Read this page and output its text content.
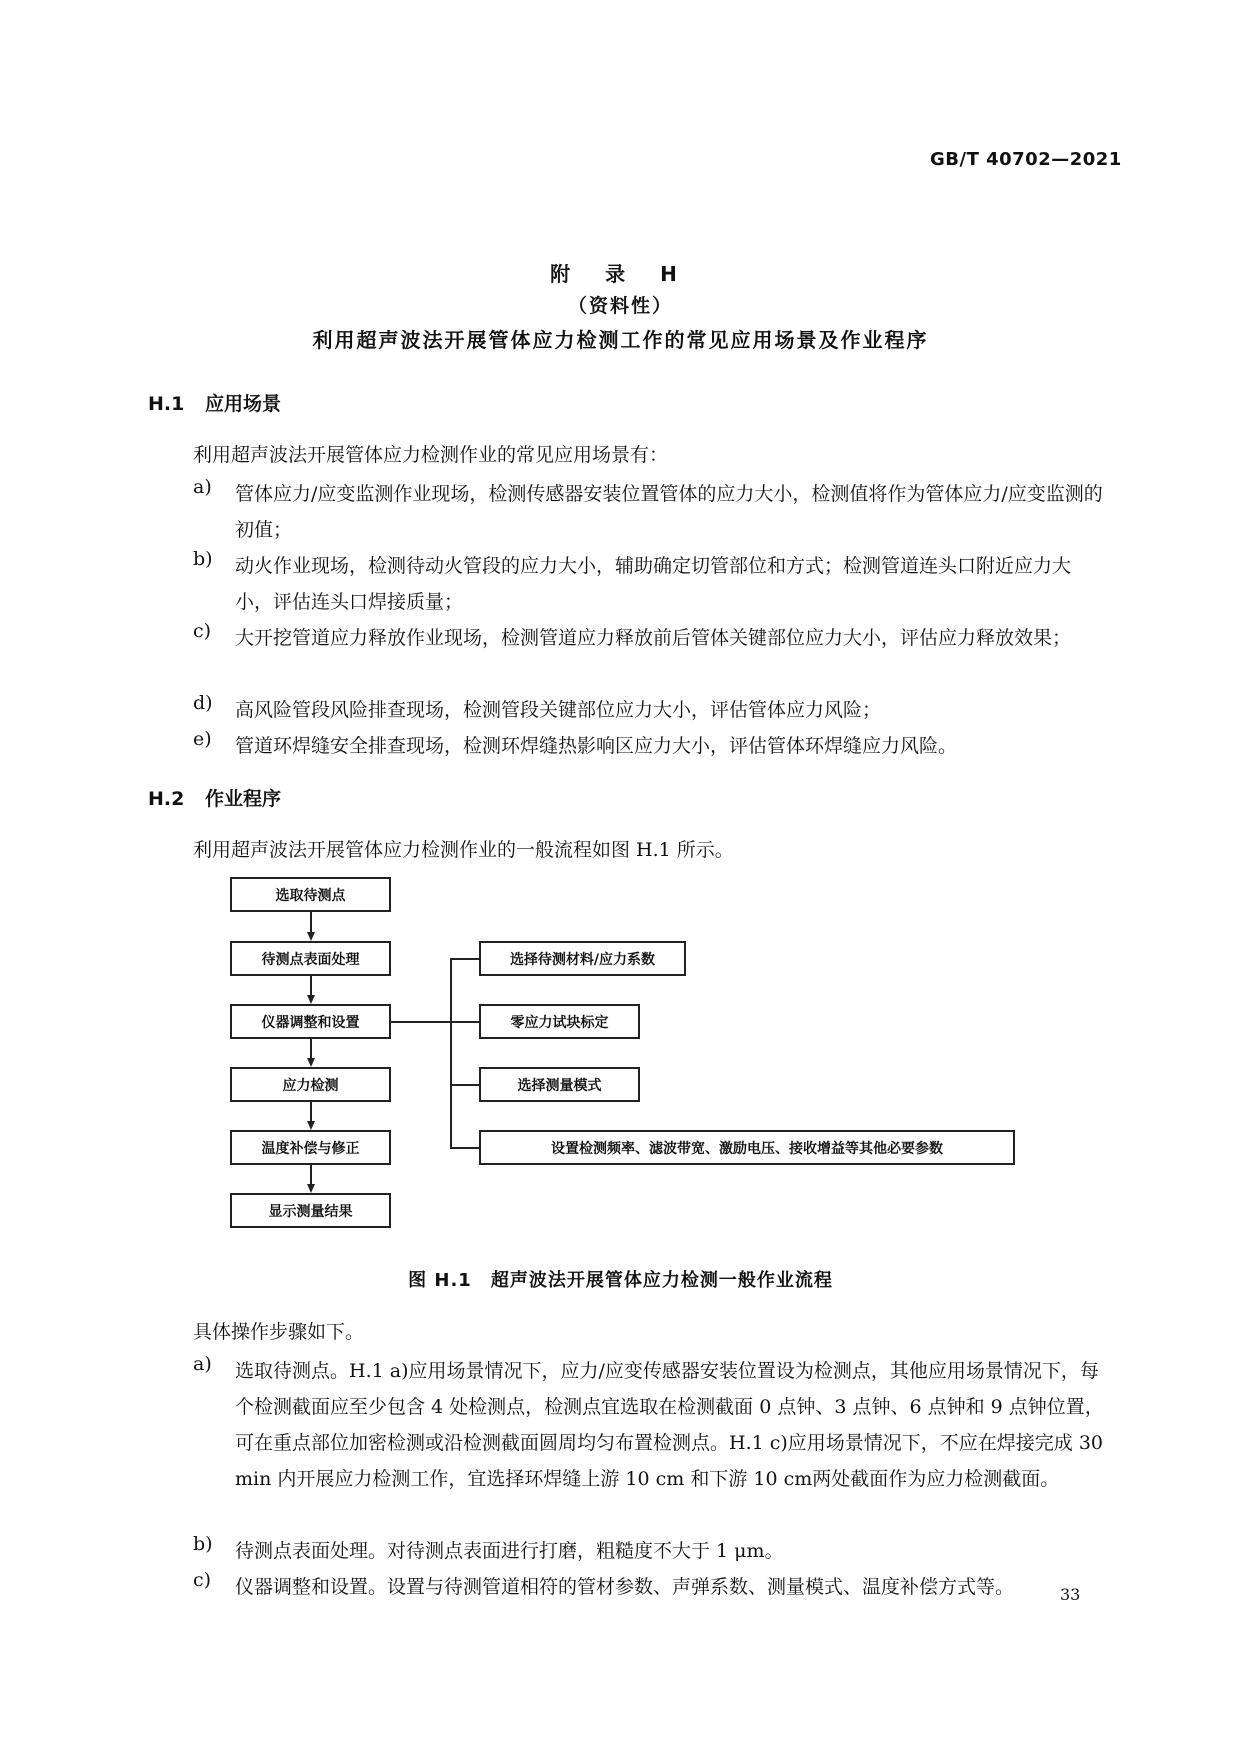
GB/T 40702—2021
附 录 H
（资料性）
利用超声波法开展管体应力检测工作的常见应用场景及作业程序
H.1 应用场景
利用超声波法开展管体应力检测作业的常见应用场景有：
a) 管体应力/应变监测作业现场，检测传感器安装位置管体的应力大小，检测值将作为管体应力/应变监测的初值；
b) 动火作业现场，检测待动火管段的应力大小，辅助确定切管部位和方式；检测管道连头口附近应力大小，评估连头口焊接质量；
c) 大开挖管道应力释放作业现场，检测管道应力释放前后管体关键部位应力大小，评估应力释放效果；
d) 高风险管段风险排查现场，检测管段关键部位应力大小，评估管体应力风险；
e) 管道环焊缝安全排查现场，检测环焊缝热影响区应力大小，评估管体环焊缝应力风险。
H.2 作业程序
利用超声波法开展管体应力检测作业的一般流程如图 H.1 所示。
选取待测点
待测点表面处理
仪器调整和设置
应力检测
温度补偿与修正
显示测量结果
选择待测材料/应力系数
零应力试块标定
选择测量模式
设置检测频率、滤波带宽、激励电压、接收增益等其他必要参数
图 H.1　超声波法开展管体应力检测一般作业流程
具体操作步骤如下。
a) 选取待测点。H.1 a)应用场景情况下，应力/应变传感器安装位置设为检测点，其他应用场景情况下，每个检测截面应至少包含 4 处检测点，检测点宜选取在检测截面 0 点钟、3 点钟、6 点钟和 9 点钟位置，可在重点部位加密检测或沿检测截面圆周均匀布置检测点。H.1 c)应用场景情况下，不应在焊接完成 30 min 内开展应力检测工作，宜选择环焊缝上游 10 cm 和下游 10 cm两处截面作为应力检测截面。
b) 待测点表面处理。对待测点表面进行打磨，粗糙度不大于 1 μm。
c) 仪器调整和设置。设置与待测管道相符的管材参数、声弹系数、测量模式、温度补偿方式等。	33
